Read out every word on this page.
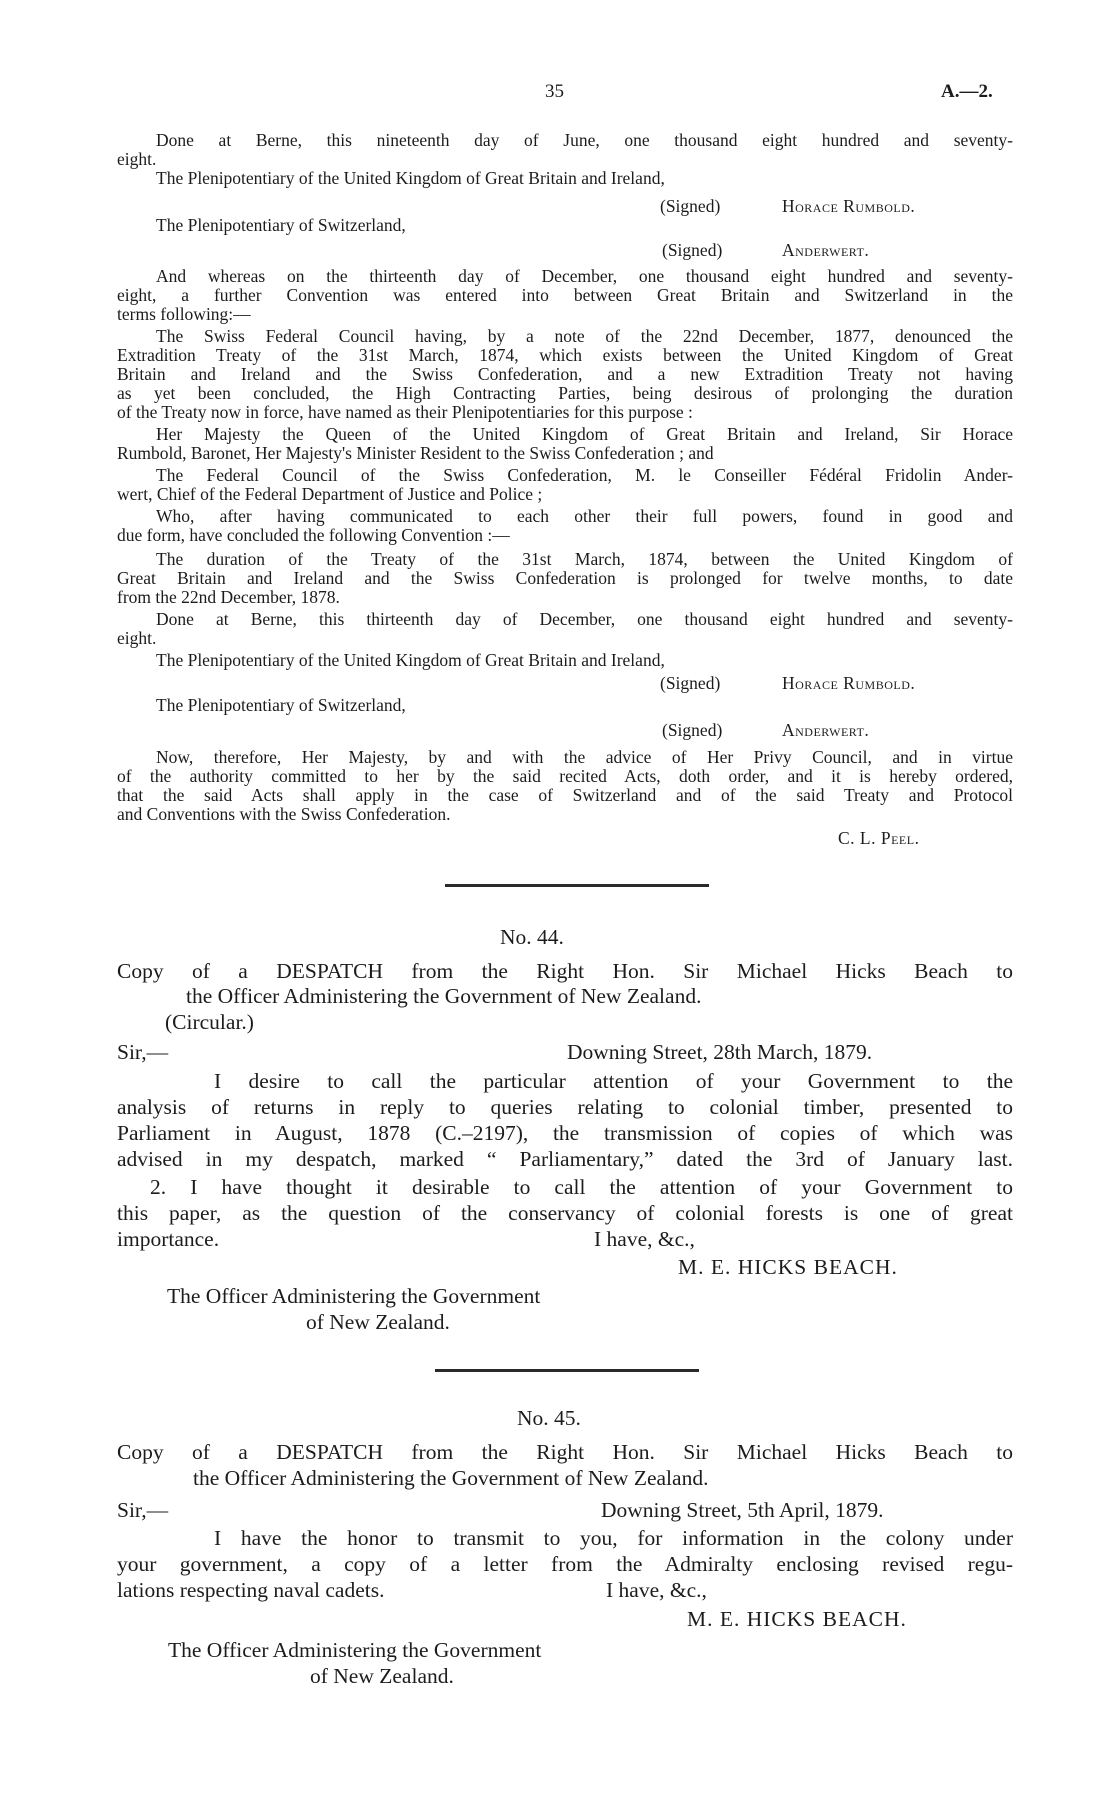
35	A.—2.
Done at Berne, this nineteenth day of June, one thousand eight hundred and seventy-
eight.
The Plenipotentiary of the United Kingdom of Great Britain and Ireland,
(Signed)	Horace Rumbold.
The Plenipotentiary of Switzerland,
(Signed)	Anderwert.
And whereas on the thirteenth day of December, one thousand eight hundred and seventy-
eight, a further Convention was entered into between Great Britain and Switzerland in the
terms following:—
The Swiss Federal Council having, by a note of the 22nd December, 1877, denounced the
Extradition Treaty of the 31st March, 1874, which exists between the United Kingdom of Great
Britain and Ireland and the Swiss Confederation, and a new Extradition Treaty not having
as yet been concluded, the High Contracting Parties, being desirous of prolonging the duration
of the Treaty now in force, have named as their Plenipotentiaries for this purpose :
Her Majesty the Queen of the United Kingdom of Great Britain and Ireland, Sir Horace
Rumbold, Baronet, Her Majesty's Minister Resident to the Swiss Confederation ; and
The Federal Council of the Swiss Confederation, M. le Conseiller Fédéral Fridolin Ander-
wert, Chief of the Federal Department of Justice and Police ;
Who, after having communicated to each other their full powers, found in good and
due form, have concluded the following Convention :—
The duration of the Treaty of the 31st March, 1874, between the United Kingdom of
Great Britain and Ireland and the Swiss Confederation is prolonged for twelve months, to date
from the 22nd December, 1878.
Done at Berne, this thirteenth day of December, one thousand eight hundred and seventy-
eight.
The Plenipotentiary of the United Kingdom of Great Britain and Ireland,
(Signed)	Horace Rumbold.
The Plenipotentiary of Switzerland,
(Signed)	Anderwert.
Now, therefore, Her Majesty, by and with the advice of Her Privy Council, and in virtue
of the authority committed to her by the said recited Acts, doth order, and it is hereby ordered,
that the said Acts shall apply in the case of Switzerland and of the said Treaty and Protocol
and Conventions with the Swiss Confederation.
C. L. Peel.
No. 44.
Copy of a DESPATCH from the Right Hon. Sir Michael Hicks Beach to
the Officer Administering the Government of New Zealand.
(Circular.)
Sir,—	Downing Street, 28th March, 1879.
I desire to call the particular attention of your Government to the
analysis of returns in reply to queries relating to colonial timber, presented to
Parliament in August, 1878 (C.–2197), the transmission of copies of which was
advised in my despatch, marked “ Parliamentary,” dated the 3rd of January last.
2. I have thought it desirable to call the attention of your Government to
this paper, as the question of the conservancy of colonial forests is one of great
importance.	I have, &c.,
M. E. HICKS BEACH.
The Officer Administering the Government
of New Zealand.
No. 45.
Copy of a DESPATCH from the Right Hon. Sir Michael Hicks Beach to
the Officer Administering the Government of New Zealand.
Sir,—	Downing Street, 5th April, 1879.
I have the honor to transmit to you, for information in the colony under
your government, a copy of a letter from the Admiralty enclosing revised regu-
lations respecting naval cadets.	I have, &c.,
M. E. HICKS BEACH.
The Officer Administering the Government
of New Zealand.
